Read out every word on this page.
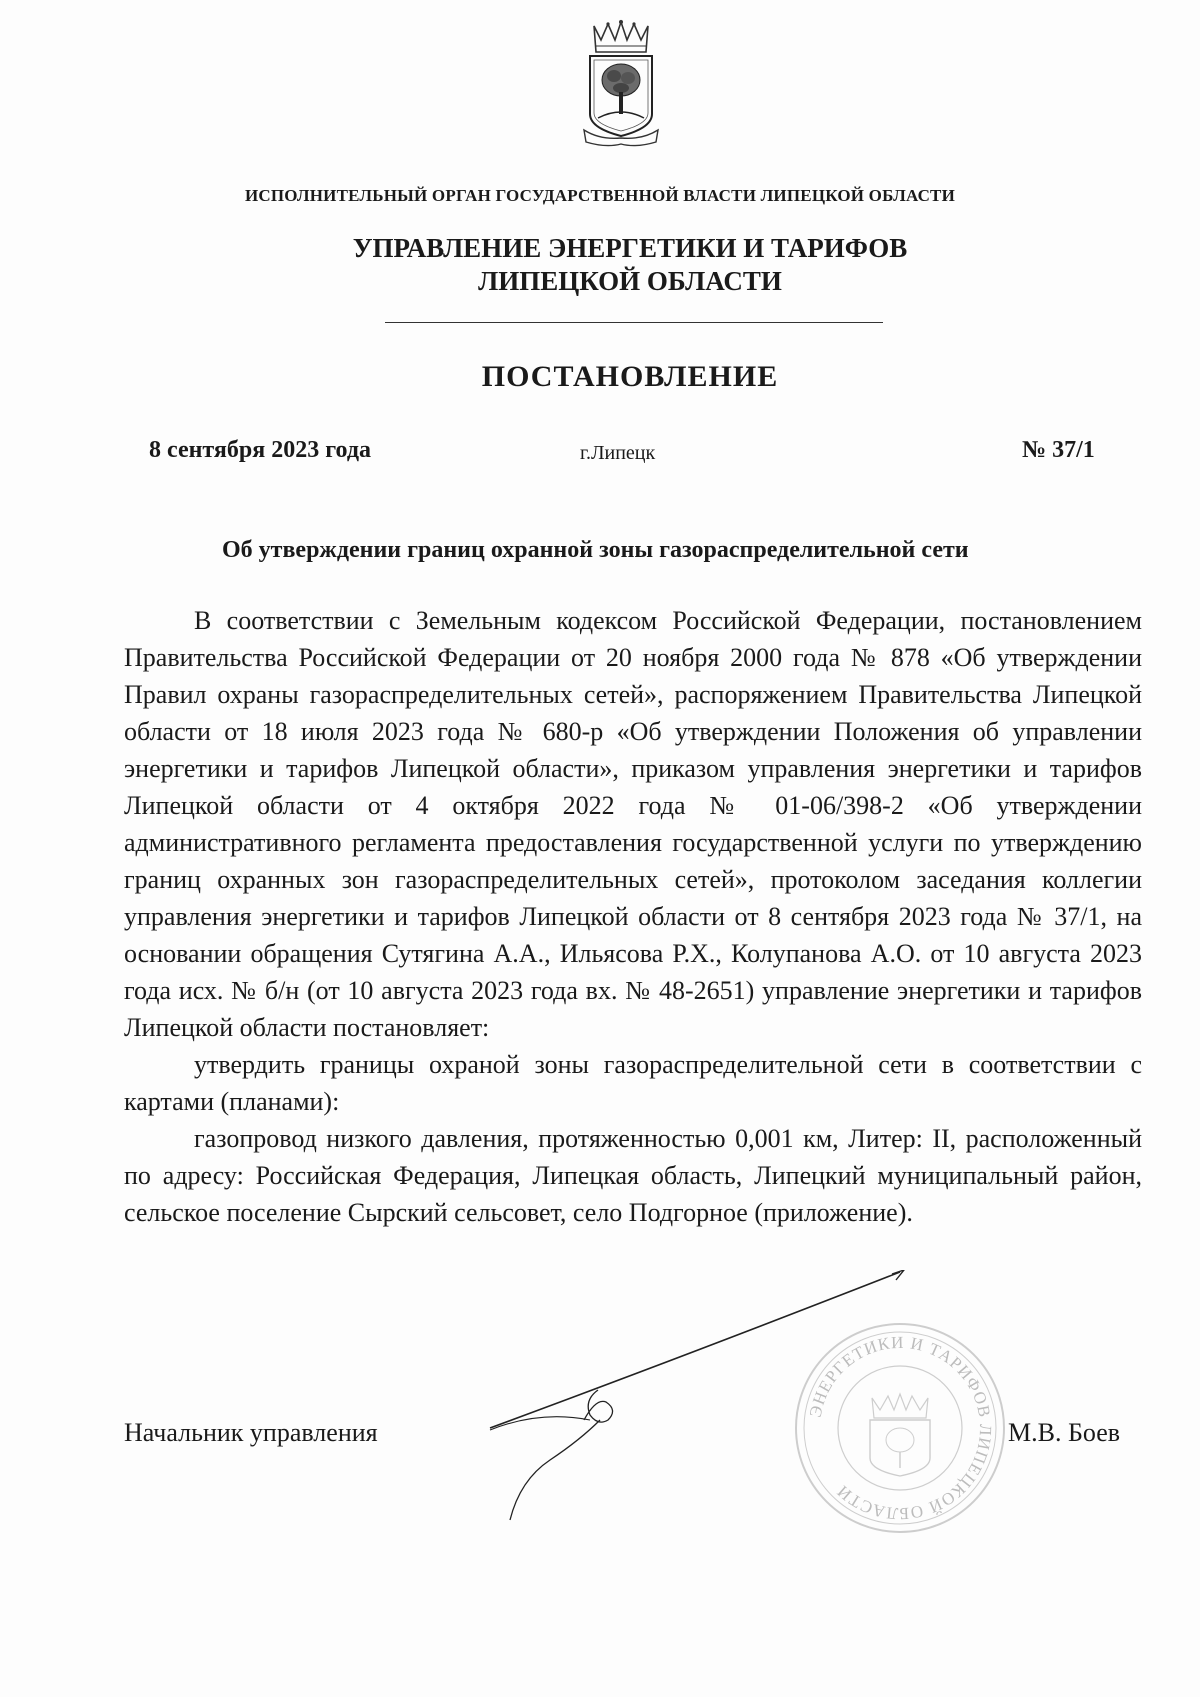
ИСПОЛНИТЕЛЬНЫЙ ОРГАН ГОСУДАРСТВЕННОЙ ВЛАСТИ ЛИПЕЦКОЙ ОБЛАСТИ
УПРАВЛЕНИЕ ЭНЕРГЕТИКИ И ТАРИФОВ
ЛИПЕЦКОЙ ОБЛАСТИ
ПОСТАНОВЛЕНИЕ
8 сентября 2023 года	г.Липецк	№ 37/1
Об утверждении границ охранной зоны газораспределительной сети

В соответствии с Земельным кодексом Российской Федерации, постановлением Правительства Российской Федерации от 20 ноября 2000 года № 878 «Об утверждении Правил охраны газораспределительных сетей», распоряжением Правительства Липецкой области от 18 июля 2023 года № 680-р «Об утверждении Положения об управлении энергетики и тарифов Липецкой области», приказом управления энергетики и тарифов Липецкой области от 4 октября 2022 года № 01-06/398-2 «Об утверждении административного регламента предоставления государственной услуги по утверждению границ охранных зон газораспределительных сетей», протоколом заседания коллегии управления энергетики и тарифов Липецкой области от 8 сентября 2023 года № 37/1, на основании обращения Сутягина А.А., Ильясова Р.Х., Колупанова А.О. от 10 августа 2023 года исх. № б/н (от 10 августа 2023 года вх. № 48-2651) управление энергетики и тарифов Липецкой области постановляет:

утвердить границы охраной зоны газораспределительной сети в соответствии с картами (планами):

газопровод низкого давления, протяженностью 0,001 км, Литер: II, расположенный по адресу: Российская Федерация, Липецкая область, Липецкий муниципальный район, сельское поселение Сырский сельсовет, село Подгорное (приложение).

ЭНЕРГЕТИКИ И ТАРИФОВ ЛИПЕЦКОЙ ОБЛАСТИ
Начальник управления	М.В. Боев
